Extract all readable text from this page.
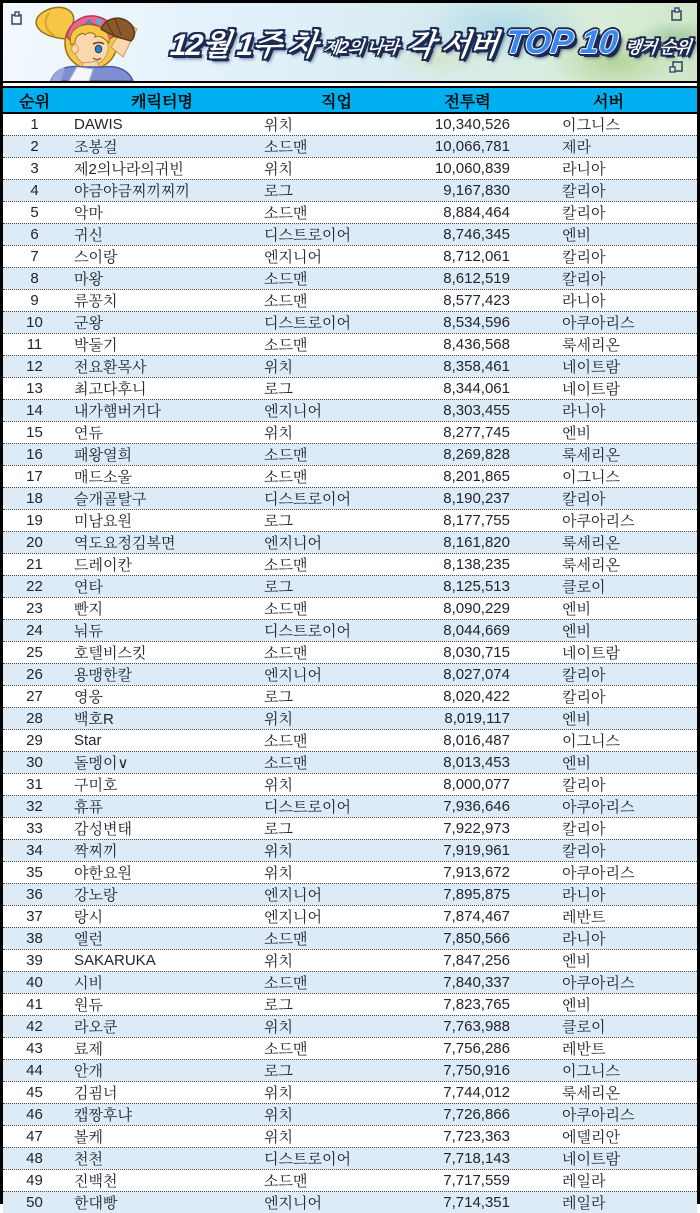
12월 1주 차 제2의 나라 각 서버 TOP 10 랭커 순위
순위	캐릭터명	직업	전투력	서버
1	DAWIS	위치	10,340,526	이그니스
2	조봉걸	소드맨	10,066,781	제라
3	제2의나라의귀빈	위치	10,060,839	라니아
4	야금야금찌끼찌끼	로그	9,167,830	칼리아
5	악마	소드맨	8,884,464	칼리아
6	귀신	디스트로이어	8,746,345	엔비
7	스이랑	엔지니어	8,712,061	칼리아
8	마왕	소드맨	8,612,519	칼리아
9	류꽁치	소드맨	8,577,423	라니아
10	군왕	디스트로이어	8,534,596	아쿠아리스
11	박둘기	소드맨	8,436,568	룩세리온
12	전요환목사	위치	8,358,461	네이트람
13	최고다후니	로그	8,344,061	네이트람
14	내가햄버거다	엔지니어	8,303,455	라니아
15	연듀	위치	8,277,745	엔비
16	패왕열희	소드맨	8,269,828	룩세리온
17	매드소울	소드맨	8,201,865	이그니스
18	슬개골탈구	디스트로이어	8,190,237	칼리아
19	미남요원	로그	8,177,755	아쿠아리스
20	역도요정김복면	엔지니어	8,161,820	룩세리온
21	드레이칸	소드맨	8,138,235	룩세리온
22	연타	로그	8,125,513	클로이
23	빤지	소드맨	8,090,229	엔비
24	눠듀	디스트로이어	8,044,669	엔비
25	호텔비스킷	소드맨	8,030,715	네이트람
26	용맹한칼	엔지니어	8,027,074	칼리아
27	영웅	로그	8,020,422	칼리아
28	백호R	위치	8,019,117	엔비
29	Star	소드맨	8,016,487	이그니스
30	돌멩이∨	소드맨	8,013,453	엔비
31	구미호	위치	8,000,077	칼리아
32	휴퓨	디스트로이어	7,936,646	아쿠아리스
33	감성변태	로그	7,922,973	칼리아
34	짝찌끼	위치	7,919,961	칼리아
35	야한요원	위치	7,913,672	아쿠아리스
36	강노랑	엔지니어	7,895,875	라니아
37	랑시	엔지니어	7,874,467	레반트
38	엘런	소드맨	7,850,566	라니아
39	SAKARUKA	위치	7,847,256	엔비
40	시비	소드맨	7,840,337	아쿠아리스
41	원듀	로그	7,823,765	엔비
42	라오쿤	위치	7,763,988	클로이
43	료제	소드맨	7,756,286	레반트
44	안개	로그	7,750,916	이그니스
45	김굄너	위치	7,744,012	룩세리온
46	캡짱후냐	위치	7,726,866	아쿠아리스
47	볼케	위치	7,723,363	에델리안
48	천천	디스트로이어	7,718,143	네이트람
49	진백천	소드맨	7,717,559	레일라
50	한대빵	엔지니어	7,714,351	레일라
